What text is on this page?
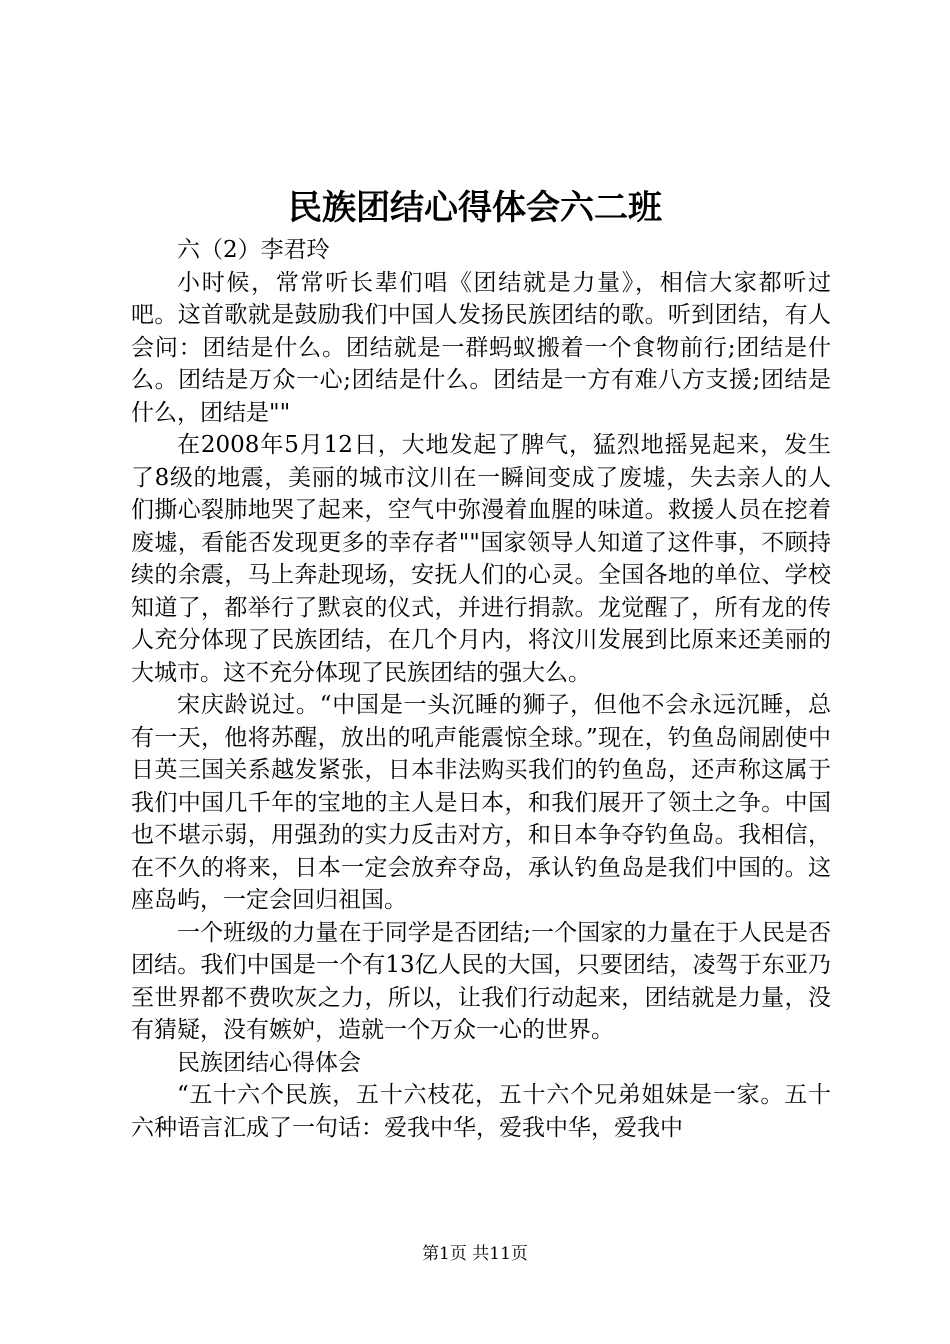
民族团结心得体会六二班

六（2）李君玲

小时候，常常听长辈们唱《团结就是力量》，相信大家都听过吧。这首歌就是鼓励我们中国人发扬民族团结的歌。听到团结，有人会问：团结是什么。团结就是一群蚂蚁搬着一个食物前行;团结是什么。团结是万众一心;团结是什么。团结是一方有难八方支援;团结是什么，团结是""

在2008年5月12日，大地发起了脾气，猛烈地摇晃起来，发生了8级的地震，美丽的城市汶川在一瞬间变成了废墟，失去亲人的人们撕心裂肺地哭了起来，空气中弥漫着血腥的味道。救援人员在挖着废墟，看能否发现更多的幸存者""国家领导人知道了这件事，不顾持续的余震，马上奔赴现场，安抚人们的心灵。全国各地的单位、学校知道了，都举行了默哀的仪式，并进行捐款。龙觉醒了，所有龙的传人充分体现了民族团结，在几个月内，将汶川发展到比原来还美丽的大城市。这不充分体现了民族团结的强大么。

宋庆龄说过。“中国是一头沉睡的狮子，但他不会永远沉睡，总有一天，他将苏醒，放出的吼声能震惊全球。”现在，钓鱼岛闹剧使中日英三国关系越发紧张，日本非法购买我们的钓鱼岛，还声称这属于我们中国几千年的宝地的主人是日本，和我们展开了领土之争。中国也不堪示弱，用强劲的实力反击对方，和日本争夺钓鱼岛。我相信，在不久的将来，日本一定会放弃夺岛，承认钓鱼岛是我们中国的。这座岛屿，一定会回归祖国。

一个班级的力量在于同学是否团结;一个国家的力量在于人民是否团结。我们中国是一个有13亿人民的大国，只要团结，凌驾于东亚乃至世界都不费吹灰之力，所以，让我们行动起来，团结就是力量，没有猜疑，没有嫉妒，造就一个万众一心的世界。

民族团结心得体会

“五十六个民族，五十六枝花，五十六个兄弟姐妹是一家。五十六种语言汇成了一句话：爱我中华，爱我中华，爱我中

第1页 共11页
